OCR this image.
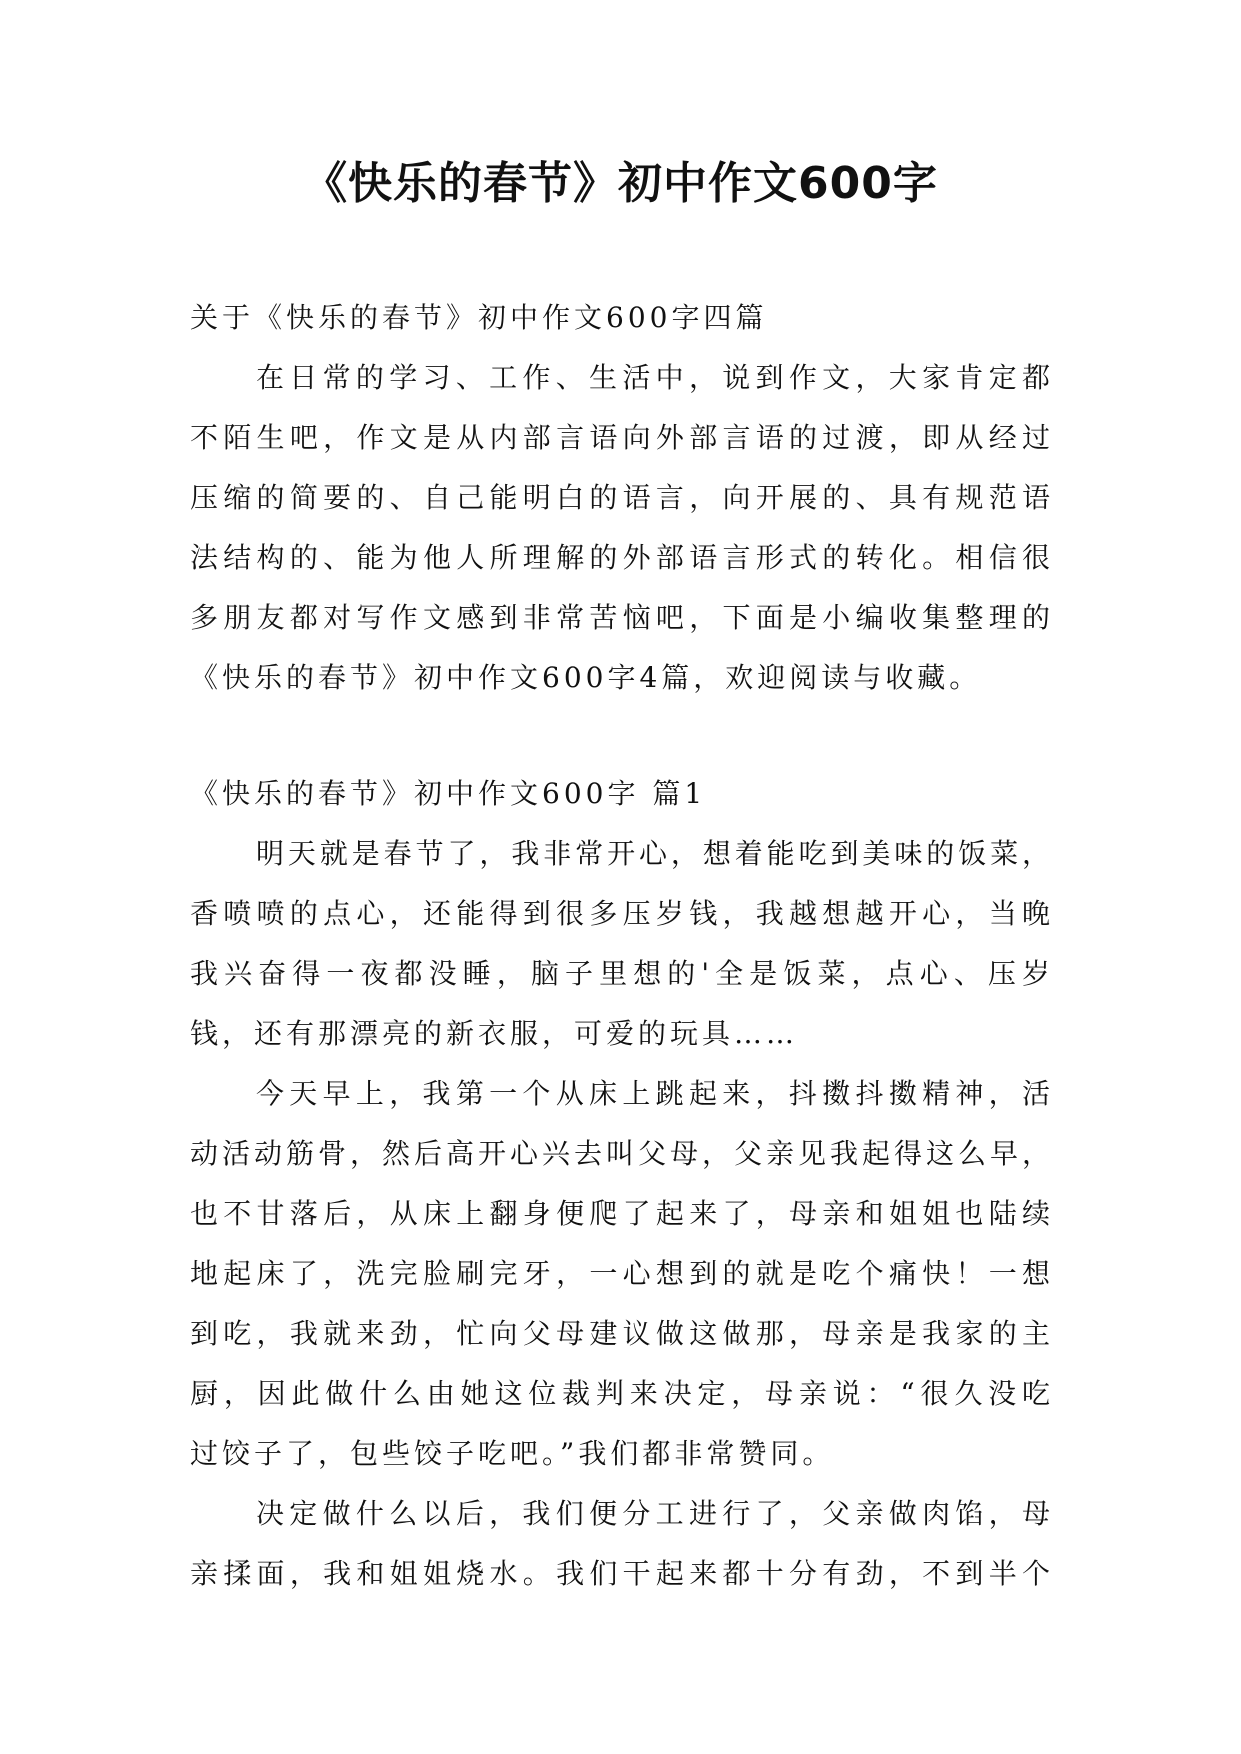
《快乐的春节》初中作文600字

关于《快乐的春节》初中作文600字四篇

在日常的学习、工作、生活中，说到作文，大家肯定都

不陌生吧，作文是从内部言语向外部言语的过渡，即从经过

压缩的简要的、自己能明白的语言，向开展的、具有规范语

法结构的、能为他人所理解的外部语言形式的转化。相信很

多朋友都对写作文感到非常苦恼吧，下面是小编收集整理的

《快乐的春节》初中作文600字4篇，欢迎阅读与收藏。

《快乐的春节》初中作文600字 篇1

明天就是春节了，我非常开心，想着能吃到美味的饭菜，

香喷喷的点心，还能得到很多压岁钱，我越想越开心，当晚

我兴奋得一夜都没睡，脑子里想的'全是饭菜，点心、压岁

钱，还有那漂亮的新衣服，可爱的玩具……

今天早上，我第一个从床上跳起来，抖擞抖擞精神，活

动活动筋骨，然后高开心兴去叫父母，父亲见我起得这么早，

也不甘落后，从床上翻身便爬了起来了，母亲和姐姐也陆续

地起床了，洗完脸刷完牙，一心想到的就是吃个痛快！一想

到吃，我就来劲，忙向父母建议做这做那，母亲是我家的主

厨，因此做什么由她这位裁判来决定，母亲说：“很久没吃

过饺子了，包些饺子吃吧。”我们都非常赞同。

决定做什么以后，我们便分工进行了，父亲做肉馅，母

亲揉面，我和姐姐烧水。我们干起来都十分有劲，不到半个
